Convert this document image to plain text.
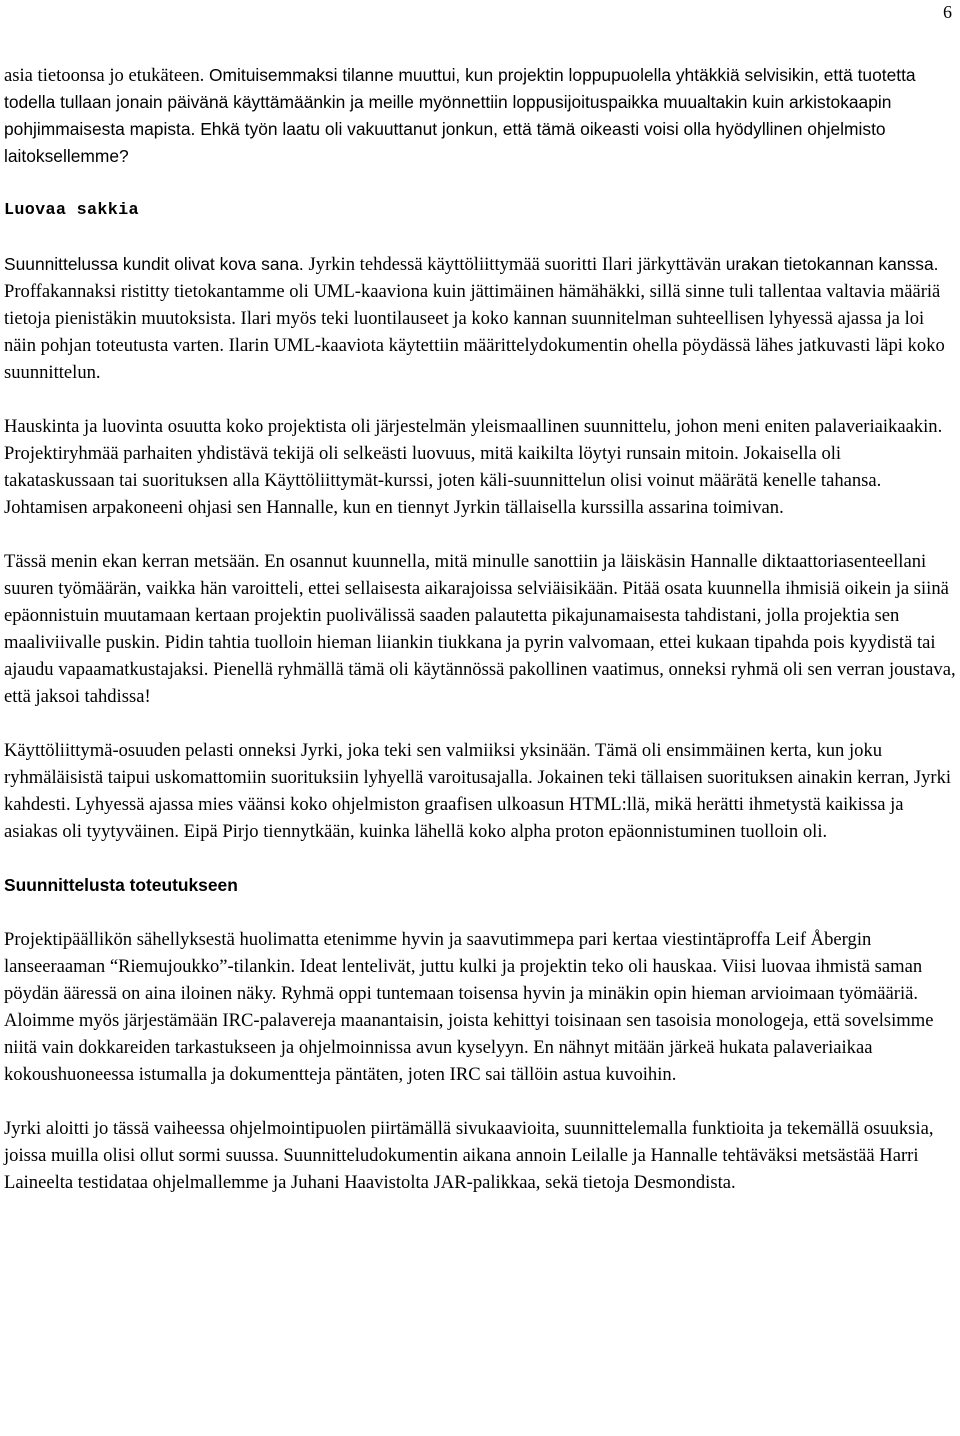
6

asia tietoonsa jo etukäteen. Omituisemmaksi tilanne muuttui, kun projektin loppupuolella yhtäkkiä selvisikin, että tuotetta todella tullaan jonain päivänä käyttämäänkin ja meille myönnettiin loppusijoituspaikka muualtakin kuin arkistokaapin pohjimmaisesta mapista. Ehkä työn laatu oli vakuuttanut jonkun, että tämä oikeasti voisi olla hyödyllinen ohjelmisto laitoksellemme?

Luovaa sakkia

Suunnittelussa kundit olivat kova sana. Jyrkin tehdessä käyttöliittymää suoritti Ilari järkyttävän urakan tietokannan kanssa. Proffakannaksi ristitty tietokantamme oli UML-kaaviona kuin jättimäinen hämähäkki, sillä sinne tuli tallentaa valtavia määriä tietoja pienistäkin muutoksista. Ilari myös teki luontilauseet ja koko kannan suunnitelman suhteellisen lyhyessä ajassa ja loi näin pohjan toteutusta varten. Ilarin UML-kaaviota käytettiin määrittelydokumentin ohella pöydässä lähes jatkuvasti läpi koko suunnittelun.

Hauskinta ja luovinta osuutta koko projektista oli järjestelmän yleismaallinen suunnittelu, johon meni eniten palaveriaikaakin. Projektiryhmää parhaiten yhdistävä tekijä oli selkeästi luovuus, mitä kaikilta löytyi runsain mitoin. Jokaisella oli takataskussaan tai suorituksen alla Käyttöliittymät-kurssi, joten käli-suunnittelun olisi voinut määrätä kenelle tahansa. Johtamisen arpakoneeni ohjasi sen Hannalle, kun en tiennyt Jyrkin tällaisella kurssilla assarina toimivan.

Tässä menin ekan kerran metsään. En osannut kuunnella, mitä minulle sanottiin ja läiskäsin Hannalle diktaattoriasenteellani suuren työmäärän, vaikka hän varoitteli, ettei sellaisesta aikarajoissa selviäisikään. Pitää osata kuunnella ihmisiä oikein ja siinä epäonnistuin muutamaan kertaan projektin puolivälissä saaden palautetta pikajunamaisesta tahdistani, jolla projektia sen maaliviivalle puskin. Pidin tahtia tuolloin hieman liiankin tiukkana ja pyrin valvomaan, ettei kukaan tipahda pois kyydistä tai ajaudu vapaamatkustajaksi. Pienellä ryhmällä tämä oli käytännössä pakollinen vaatimus, onneksi ryhmä oli sen verran joustava, että jaksoi tahdissa!

Käyttöliittymä-osuuden pelasti onneksi Jyrki, joka teki sen valmiiksi yksinään. Tämä oli ensimmäinen kerta, kun joku ryhmäläisistä taipui uskomattomiin suorituksiin lyhyellä varoitusajalla. Jokainen teki tällaisen suorituksen ainakin kerran, Jyrki kahdesti. Lyhyessä ajassa mies väänsi koko ohjelmiston graafisen ulkoasun HTML:llä, mikä herätti ihmetystä kaikissa ja asiakas oli tyytyväinen. Eipä Pirjo tiennytkään, kuinka lähellä koko alpha proton epäonnistuminen tuolloin oli.

Suunnittelusta toteutukseen

Projektipäällikön sähellyksestä huolimatta etenimme hyvin ja saavutimmepa pari kertaa viestintäproffa Leif Åbergin lanseeraaman “Riemujoukko”-tilankin. Ideat lentelivät, juttu kulki ja projektin teko oli hauskaa. Viisi luovaa ihmistä saman pöydän ääressä on aina iloinen näky. Ryhmä oppi tuntemaan toisensa hyvin ja minäkin opin hieman arvioimaan työmääriä. Aloimme myös järjestämään IRC-palavereja maanantaisin, joista kehittyi toisinaan sen tasoisia monologeja, että sovelsimme niitä vain dokkareiden tarkastukseen ja ohjelmoinnissa avun kyselyyn. En nähnyt mitään järkeä hukata palaveriaikaa kokoushuoneessa istumalla ja dokumentteja päntäten, joten IRC sai tällöin astua kuvoihin.

Jyrki aloitti jo tässä vaiheessa ohjelmointipuolen piirtämällä sivukaavioita, suunnittelemalla funktioita ja tekemällä osuuksia, joissa muilla olisi ollut sormi suussa. Suunnitteludokumentin aikana annoin Leilalle ja Hannalle tehtäväksi metsästää Harri Laineelta testidataa ohjelmallemme ja Juhani Haavistolta JAR-palikkaa, sekä tietoja Desmondista.
